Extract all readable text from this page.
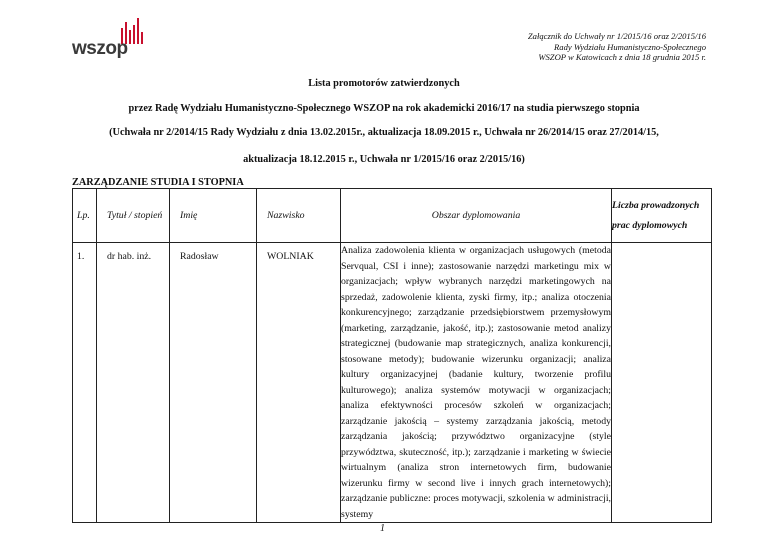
wszop
Załącznik do Uchwały nr 1/2015/16 oraz 2/2015/16
Rady Wydziału Humanistyczno-Społecznego
WSZOP w Katowicach z dnia 18 grudnia 2015 r.
Lista promotorów zatwierdzonych
przez Radę Wydziału Humanistyczno-Społecznego WSZOP na rok akademicki 2016/17 na studia pierwszego stopnia
(Uchwała nr 2/2014/15 Rady Wydziału z dnia 13.02.2015r., aktualizacja 18.09.2015 r., Uchwała nr 26/2014/15 oraz 27/2014/15,
aktualizacja 18.12.2015 r., Uchwała nr 1/2015/16 oraz 2/2015/16)
ZARZĄDZANIE STUDIA I STOPNIA
Lp.	Tytuł / stopień	Imię	Nazwisko	Obszar dyplomowania	Liczba prowadzonych
prac dyplomowych

1.	dr hab. inż.	Radosław	WOLNIAK	Analiza zadowolenia klienta w organizacjach usługowych (metoda Servqual, CSI i inne); zastosowanie narzędzi marketingu mix w organizacjach; wpływ wybranych narzędzi marketingowych na sprzedaż, zadowolenie klienta, zyski firmy, itp.; analiza otoczenia konkurencyjnego; zarządzanie przedsiębiorstwem przemysłowym (marketing, zarządzanie, jakość, itp.); zastosowanie metod analizy strategicznej (budowanie map strategicznych, analiza konkurencji, stosowane metody); budowanie wizerunku organizacji; analiza kultury organizacyjnej (badanie kultury, tworzenie profilu kulturowego); analiza systemów motywacji w organizacjach; analiza efektywności procesów szkoleń w organizacjach; zarządzanie jakością – systemy zarządzania jakością, metody zarządzania jakością; przywództwo organizacyjne (style przywództwa, skuteczność, itp.); zarządzanie i marketing w świecie wirtualnym (analiza stron internetowych firm, budowanie wizerunku firmy w second live i innych grach internetowych); zarządzanie publiczne: proces motywacji, szkolenia w administracji, systemy	
1
